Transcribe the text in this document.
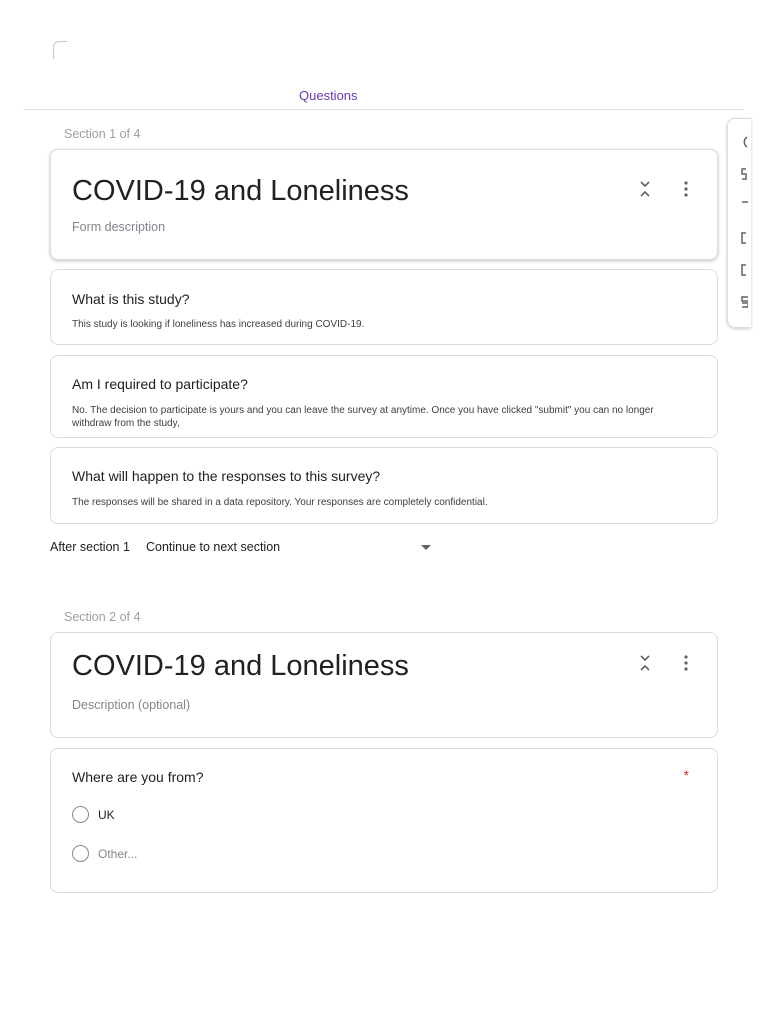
Questions
Section 1 of 4
COVID-19 and Loneliness
Form description
What is this study?
This study is looking if loneliness has increased during COVID-19.
Am I required to participate?
No. The decision to participate is yours and you can leave the survey at anytime. Once you have clicked "submit" you can no longer withdraw from the study,
What will happen to the responses to this survey?
The responses will be shared in a data repository. Your responses are completely confidential.
After section 1 Continue to next section
Section 2 of 4
COVID-19 and Loneliness
Description (optional)
Where are you from?	*
UK
Other...
